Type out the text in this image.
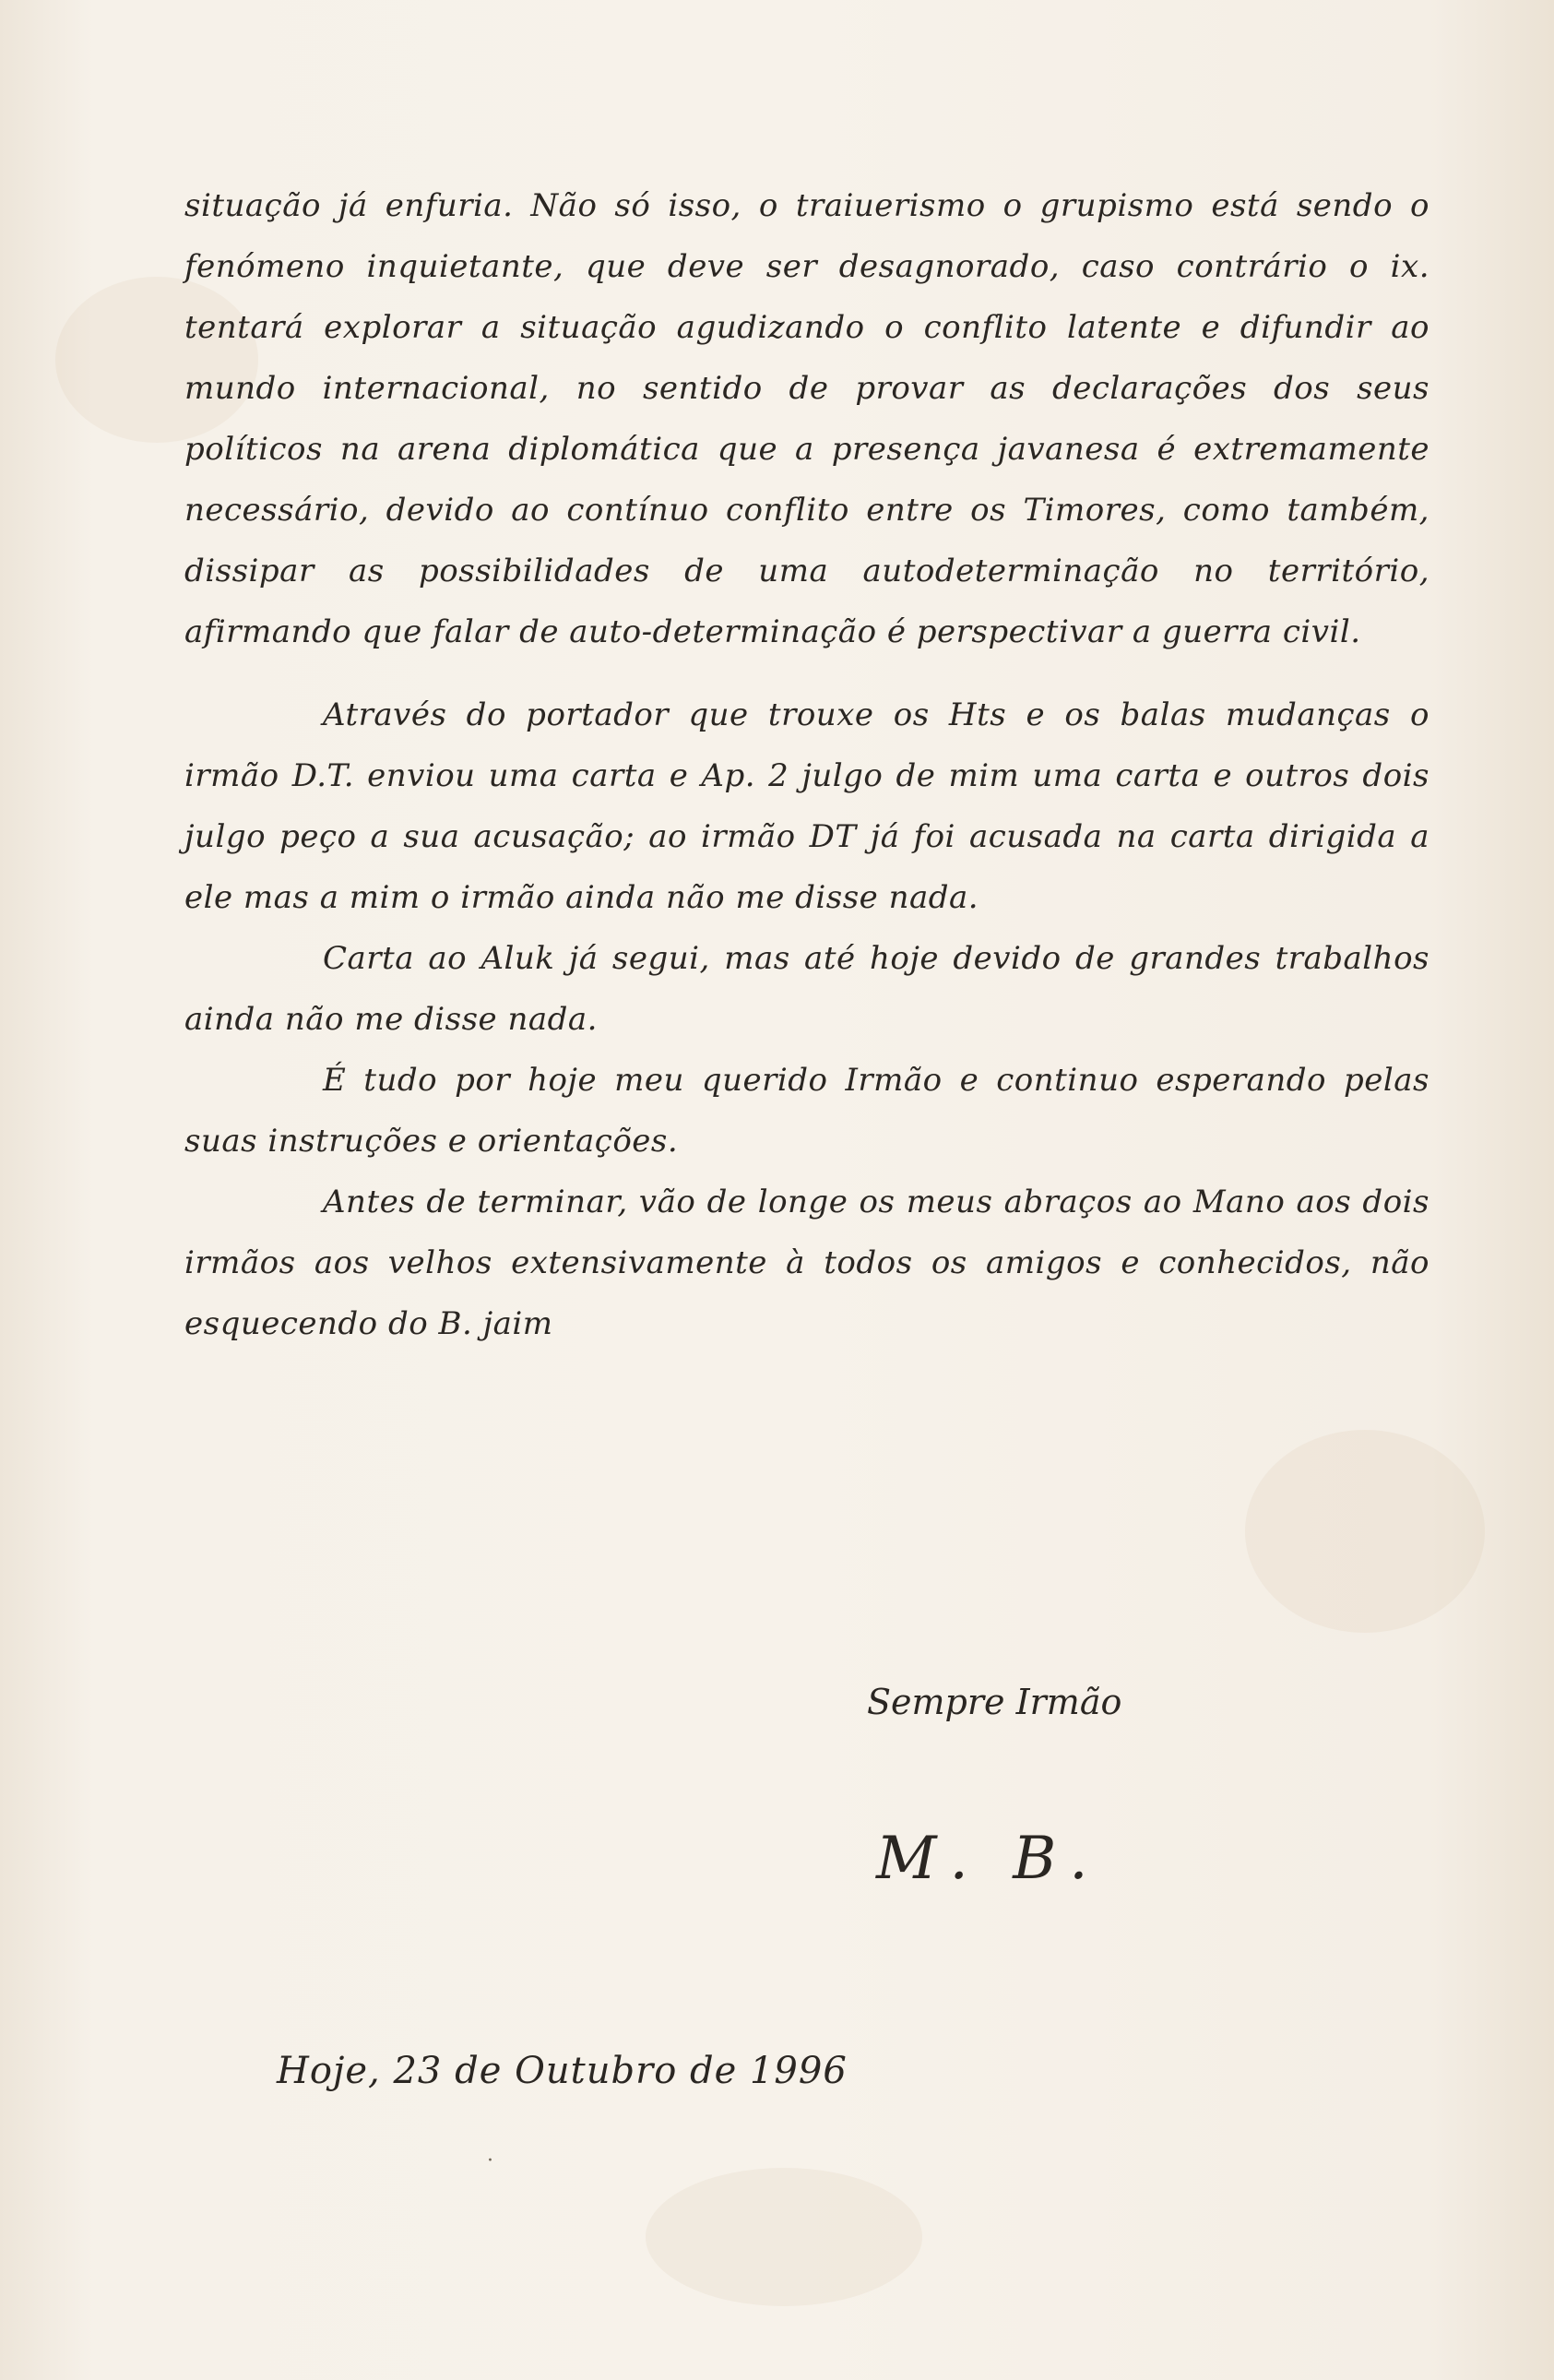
situação já enfuria. Não só isso, o traiuerismo o grupismo está sendo o fenómeno inquietante, que deve ser desagnorado, caso contrário o ix. tentará explorar a situação agudizando o conflito latente e difundir ao mundo internacional, no sentido de provar as declarações dos seus políticos na arena diplomática que a presença javanesa é extremamente necessário, devido ao contínuo conflito entre os Timores, como também, dissipar as possibilidades de uma autodeterminação no território, afirmando que falar de auto-determinação é perspectivar a guerra civil.

Através do portador que trouxe os Hts e os balas mudanças o irmão D.T. enviou uma carta e Ap. 2 julgo de mim uma carta e outros dois julgo peço a sua acusação; ao irmão DT já foi acusada na carta dirigida a ele mas a mim o irmão ainda não me disse nada.

Carta ao Aluk já segui, mas até hoje devido de grandes trabalhos ainda não me disse nada.

É tudo por hoje meu querido Irmão e continuo esperando pelas suas instruções e orientações.

Antes de terminar, vão de longe os meus abraços ao Mano aos dois irmãos aos velhos extensivamente à todos os amigos e conhecidos, não esquecendo do B. jaim

Sempre Irmão
M. B.
Hoje, 23 de Outubro de 1996
·
